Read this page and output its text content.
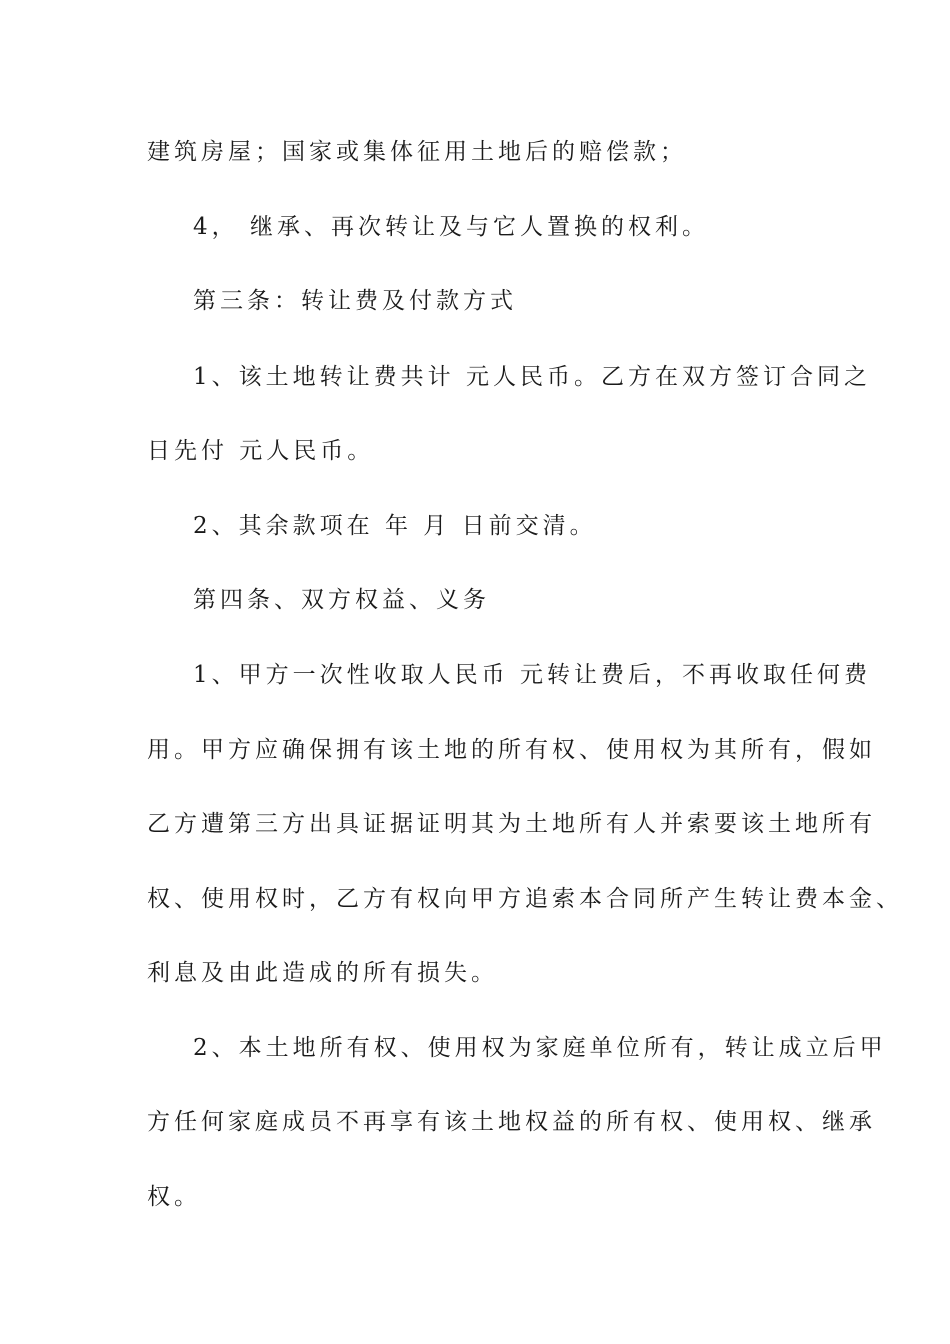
建筑房屋；国家或集体征用土地后的赔偿款；
4， 继承、再次转让及与它人置换的权利。
第三条：转让费及付款方式
1、该土地转让费共计 元人民币。乙方在双方签订合同之
日先付 元人民币。
2、其余款项在 年 月 日前交清。
第四条、双方权益、义务
1、甲方一次性收取人民币 元转让费后，不再收取任何费
用。甲方应确保拥有该土地的所有权、使用权为其所有，假如
乙方遭第三方出具证据证明其为土地所有人并索要该土地所有
权、使用权时，乙方有权向甲方追索本合同所产生转让费本金、
利息及由此造成的所有损失。
2、本土地所有权、使用权为家庭单位所有，转让成立后甲
方任何家庭成员不再享有该土地权益的所有权、使用权、继承
权。
